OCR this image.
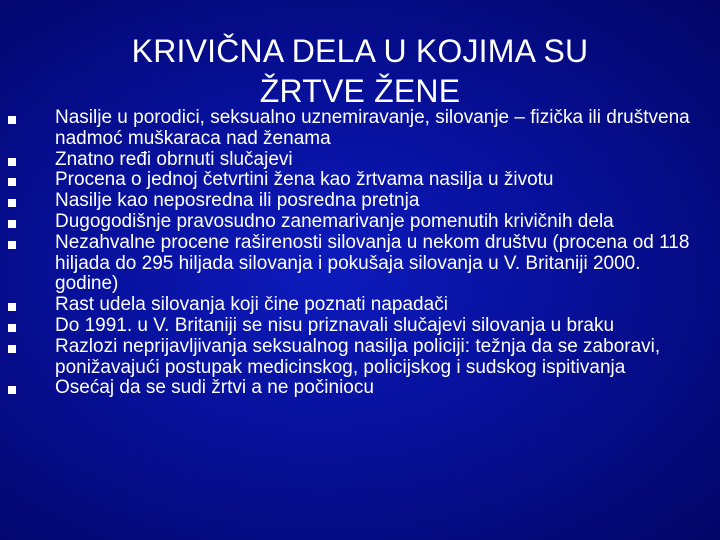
KRIVIČNA DELA U KOJIMA SU
ŽRTVE ŽENE
Nasilje u porodici, seksualno uznemiravanje, silovanje – fizička ili društvena nadmoć muškaraca nad ženama
Znatno ređi obrnuti slučajevi
Procena o jednoj četvrtini žena kao žrtvama nasilja u životu
Nasilje kao neposredna ili posredna pretnja
Dugogodišnje pravosudno zanemarivanje pomenutih krivičnih dela
Nezahvalne procene raširenosti silovanja u nekom društvu (procena od 118 hiljada do 295 hiljada silovanja i pokušaja silovanja u V. Britaniji 2000. godine)
Rast udela silovanja koji čine poznati napadači
Do 1991. u V. Britaniji se nisu priznavali slučajevi silovanja u braku
Razlozi neprijavljivanja seksualnog nasilja policiji: težnja da se zaboravi, ponižavajući postupak medicinskog, policijskog i sudskog ispitivanja
Osećaj da se sudi žrtvi a ne počiniocu
